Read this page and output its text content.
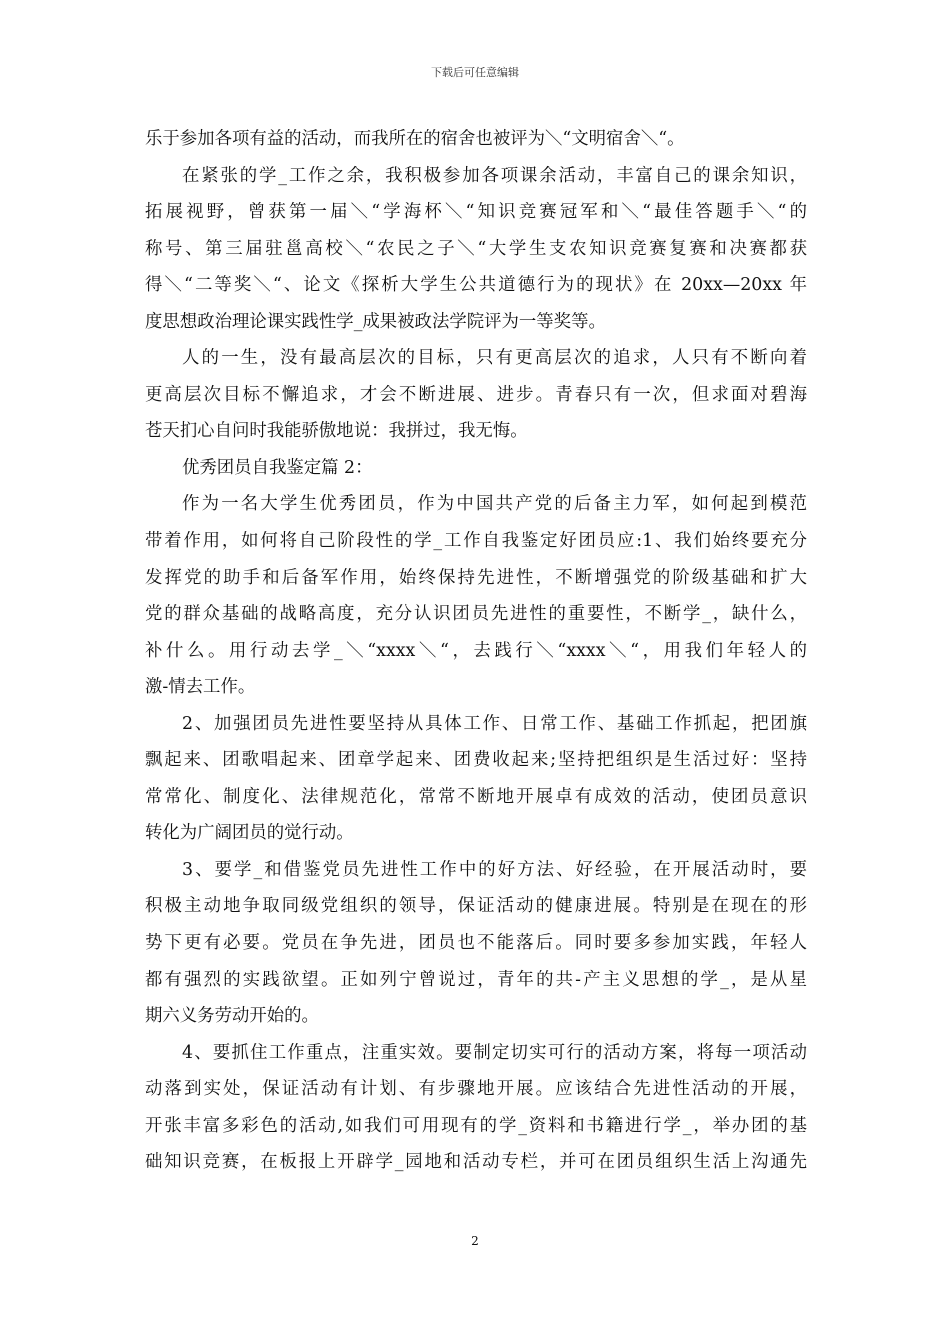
下载后可任意编辑
乐于参加各项有益的活动，而我所在的宿舍也被评为＼“文明宿舍＼“。
在紧张的学_工作之余，我积极参加各项课余活动，丰富自己的课余知识，
拓展视野，曾获第一届＼“学海杯＼“知识竞赛冠军和＼“最佳答题手＼“的
称号、第三届驻邕高校＼“农民之子＼“大学生支农知识竞赛复赛和决赛都获
得＼“二等奖＼“、论文《探析大学生公共道德行为的现状》在 20xx—20xx 年
度思想政治理论课实践性学_成果被政法学院评为一等奖等。
人的一生，没有最高层次的目标，只有更高层次的追求，人只有不断向着
更高层次目标不懈追求，才会不断进展、进步。青春只有一次，但求面对碧海
苍天扪心自问时我能骄傲地说：我拼过，我无悔。
优秀团员自我鉴定篇 2：
作为一名大学生优秀团员，作为中国共产党的后备主力军，如何起到模范
带着作用，如何将自己阶段性的学_工作自我鉴定好团员应:1、我们始终要充分
发挥党的助手和后备军作用，始终保持先进性，不断增强党的阶级基础和扩大
党的群众基础的战略高度，充分认识团员先进性的重要性，不断学_，缺什么，
补什么。用行动去学_＼“xxxx＼“，去践行＼“xxxx＼“，用我们年轻人的
激-情去工作。
2、加强团员先进性要坚持从具体工作、日常工作、基础工作抓起，把团旗
飘起来、团歌唱起来、团章学起来、团费收起来;坚持把组织是生活过好：坚持
常常化、制度化、法律规范化，常常不断地开展卓有成效的活动，使团员意识
转化为广阔团员的觉行动。
3、要学_和借鉴党员先进性工作中的好方法、好经验，在开展活动时，要
积极主动地争取同级党组织的领导，保证活动的健康进展。特别是在现在的形
势下更有必要。党员在争先进，团员也不能落后。同时要多参加实践，年轻人
都有强烈的实践欲望。正如列宁曾说过，青年的共-产主义思想的学_，是从星
期六义务劳动开始的。
4、要抓住工作重点，注重实效。要制定切实可行的活动方案，将每一项活动
动落到实处，保证活动有计划、有步骤地开展。应该结合先进性活动的开展，
开张丰富多彩色的活动,如我们可用现有的学_资料和书籍进行学_，举办团的基
础知识竞赛，在板报上开辟学_园地和活动专栏，并可在团员组织生活上沟通先
2
